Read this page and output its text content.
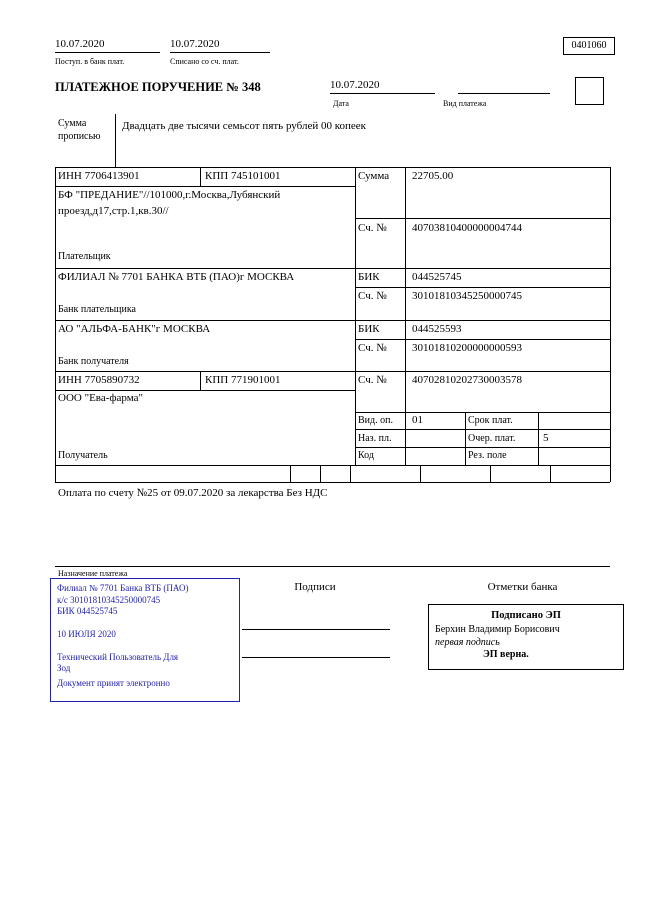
10.07.2020
Поступ. в банк плат.
10.07.2020
Списано со сч. плат.
0401060
ПЛАТЕЖНОЕ ПОРУЧЕНИЕ № 348	10.07.2020
Дата	Вид платежа
Сумма
прописью
Двадцать две тысячи семьсот пять рублей 00 копеек
ИНН 7706413901	КПП 745101001	Сумма 22705.00
БФ "ПРЕДАНИЕ"//101000,г.Москва,Лубянский
проезд,д17,стр.1,кв.30//
Сч. № 40703810400000004744
Плательщик
ФИЛИАЛ № 7701 БАНКА ВТБ (ПАО)г МОСКВА	БИК	044525745
Сч. № 30101810345250000745
Банк плательщика
АО "АЛЬФА-БАНК"г МОСКВА	БИК	044525593
Сч. № 30101810200000000593
Банк получателя
ИНН 7705890732	КПП 771901001	Сч. № 40702810202730003578
ООО "Ева-фарма"
Вид. оп. 01	Срок плат.
Наз. пл.	Очер. плат.	5
Код	Рез. поле
Получатель
Оплата по счету №25 от 09.07.2020 за лекарства Без НДС
Назначение платежа
Филиал № 7701 Банка ВТБ (ПАО)
к/с 30101810345250000745
БИК 044525745
10 ИЮЛЯ 2020
Технический Пользователь Для
Зод
Документ принят электронно
Подписи	Отметки банка
Подписано ЭП
Берхин Владимир Борисович
первая подпись
ЭП верна.
